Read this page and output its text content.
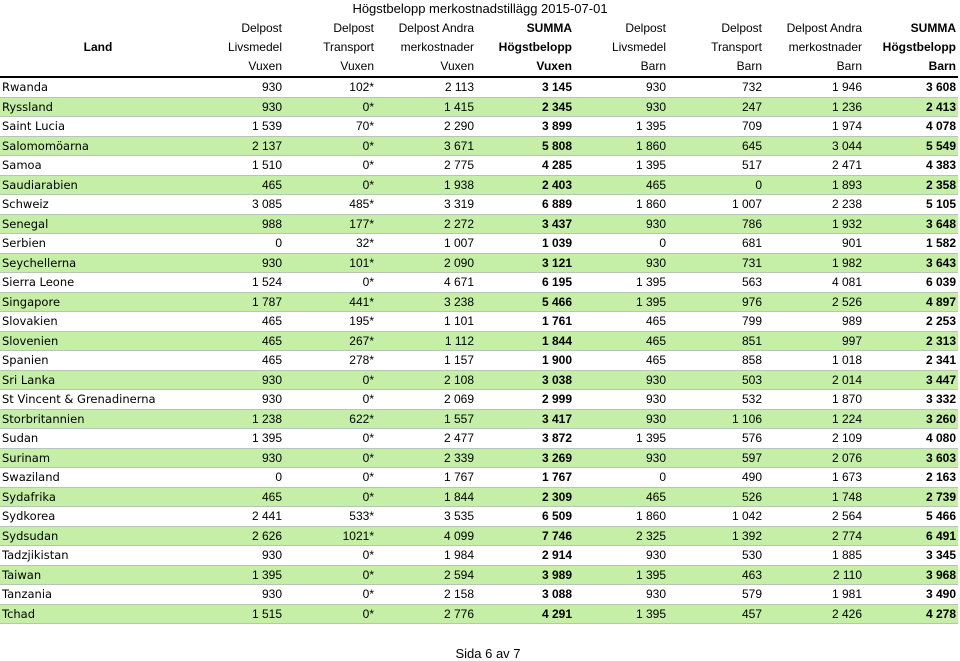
Högstbelopp merkostnadstillägg 2015-07-01
Land	Delpost	Delpost	Delpost Andra	SUMMA	Delpost	Delpost	Delpost Andra	SUMMA
	Livsmedel	Transport	merkostnader	Högstbelopp	Livsmedel	Transport	merkostnader	Högstbelopp
	Vuxen	Vuxen	Vuxen	Vuxen	Barn	Barn	Barn	Barn
Rwanda	930	102*	2 113	3 145	930	732	1 946	3 608
Ryssland	930	0*	1 415	2 345	930	247	1 236	2 413
Saint Lucia	1 539	70*	2 290	3 899	1 395	709	1 974	4 078
Salomomöarna	2 137	0*	3 671	5 808	1 860	645	3 044	5 549
Samoa	1 510	0*	2 775	4 285	1 395	517	2 471	4 383
Saudiarabien	465	0*	1 938	2 403	465	0	1 893	2 358
Schweiz	3 085	485*	3 319	6 889	1 860	1 007	2 238	5 105
Senegal	988	177*	2 272	3 437	930	786	1 932	3 648
Serbien	0	32*	1 007	1 039	0	681	901	1 582
Seychellerna	930	101*	2 090	3 121	930	731	1 982	3 643
Sierra Leone	1 524	0*	4 671	6 195	1 395	563	4 081	6 039
Singapore	1 787	441*	3 238	5 466	1 395	976	2 526	4 897
Slovakien	465	195*	1 101	1 761	465	799	989	2 253
Slovenien	465	267*	1 112	1 844	465	851	997	2 313
Spanien	465	278*	1 157	1 900	465	858	1 018	2 341
Sri Lanka	930	0*	2 108	3 038	930	503	2 014	3 447
St Vincent & Grenadinerna	930	0*	2 069	2 999	930	532	1 870	3 332
Storbritannien	1 238	622*	1 557	3 417	930	1 106	1 224	3 260
Sudan	1 395	0*	2 477	3 872	1 395	576	2 109	4 080
Surinam	930	0*	2 339	3 269	930	597	2 076	3 603
Swaziland	0	0*	1 767	1 767	0	490	1 673	2 163
Sydafrika	465	0*	1 844	2 309	465	526	1 748	2 739
Sydkorea	2 441	533*	3 535	6 509	1 860	1 042	2 564	5 466
Sydsudan	2 626	1021*	4 099	7 746	2 325	1 392	2 774	6 491
Tadzjikistan	930	0*	1 984	2 914	930	530	1 885	3 345
Taiwan	1 395	0*	2 594	3 989	1 395	463	2 110	3 968
Tanzania	930	0*	2 158	3 088	930	579	1 981	3 490
Tchad	1 515	0*	2 776	4 291	1 395	457	2 426	4 278
Sida 6 av 7
